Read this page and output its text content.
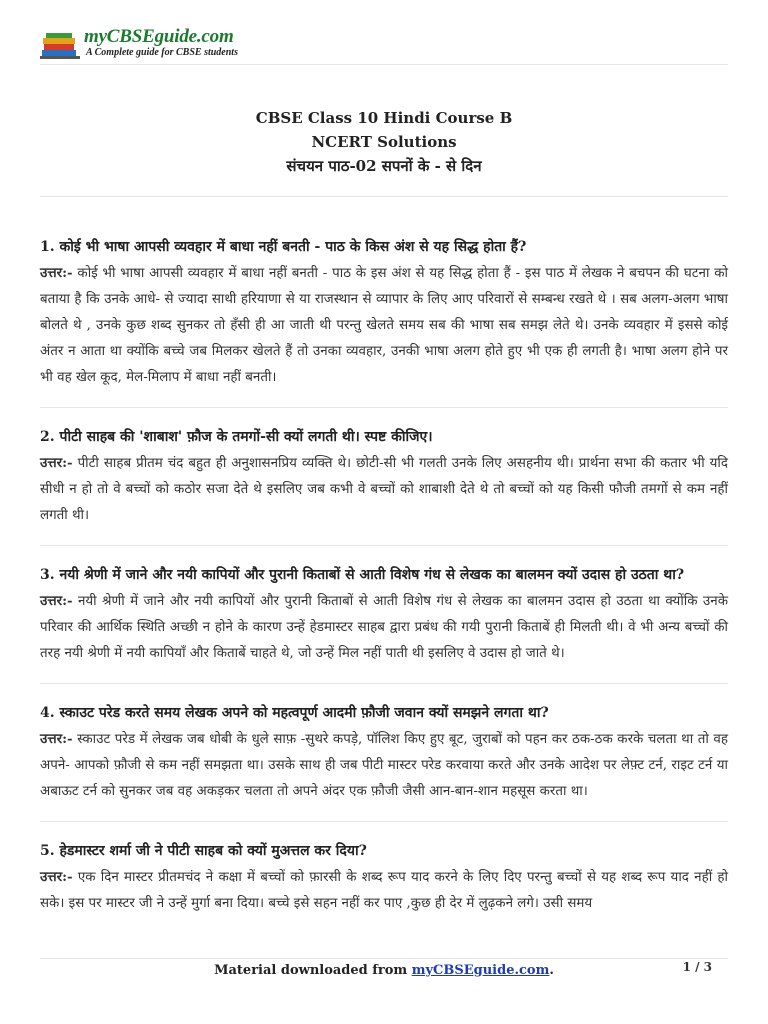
myCBSEguide.com
A Complete guide for CBSE students
CBSE Class 10 Hindi Course B
NCERT Solutions
संचयन पाठ-02 सपनों के - से दिन

1. कोई भी भाषा आपसी व्यवहार में बाधा नहीं बनती - पाठ के किस अंश से यह सिद्ध होता हैं?

उत्तर:- कोई भी भाषा आपसी व्यवहार में बाधा नहीं बनती - पाठ के इस अंश से यह सिद्ध होता हैं - इस पाठ में लेखक ने बचपन की घटना को बताया है कि उनके आधे- से ज्यादा साथी हरियाणा से या राजस्थान से व्यापार के लिए आए परिवारों से सम्बन्ध रखते थे । सब अलग-अलग भाषा बोलते थे , उनके कुछ शब्द सुनकर तो हँसी ही आ जाती थी परन्तु खेलते समय सब की भाषा सब समझ लेते थे। उनके व्यवहार में इससे कोई अंतर न आता था क्योंकि बच्चे जब मिलकर खेलते हैं तो उनका व्यवहार, उनकी भाषा अलग होते हुए भी एक ही लगती है। भाषा अलग होने पर भी वह खेल कूद, मेल-मिलाप में बाधा नहीं बनती।

2. पीटी साहब की 'शाबाश' फ़ौज के तमगों-सी क्यों लगती थी। स्पष्ट कीजिए।

उत्तर:- पीटी साहब प्रीतम चंद बहुत ही अनुशासनप्रिय व्यक्ति थे। छोटी-सी भी गलती उनके लिए असहनीय थी। प्रार्थना सभा की कतार भी यदि सीधी न हो तो वे बच्चों को कठोर सजा देते थे इसलिए जब कभी वे बच्चों को शाबाशी देते थे तो बच्चों को यह किसी फौजी तमगों से कम नहीं लगती थी।

3. नयी श्रेणी में जाने और नयी कापियों और पुरानी किताबों से आती विशेष गंध से लेखक का बालमन क्यों उदास हो उठता था?

उत्तर:- नयी श्रेणी में जाने और नयी कापियों और पुरानी किताबों से आती विशेष गंध से लेखक का बालमन उदास हो उठता था क्योंकि उनके परिवार की आर्थिक स्थिति अच्छी न होने के कारण उन्हें हेडमास्टर साहब द्वारा प्रबंध की गयी पुरानी किताबें ही मिलती थी। वे भी अन्य बच्चों की तरह नयी श्रेणी में नयी कापियाँ और किताबें चाहते थे, जो उन्हें मिल नहीं पाती थी इसलिए वे उदास हो जाते थे।

4. स्काउट परेड करते समय लेखक अपने को महत्वपूर्ण आदमी फ़ौजी जवान क्यों समझने लगता था?

उत्तर:- स्काउट परेड में लेखक जब धोबी के धुले साफ़ -सुथरे कपड़े, पॉलिश किए हुए बूट, जुराबों को पहन कर ठक-ठक करके चलता था तो वह अपने- आपको फ़ौजी से कम नहीं समझता था। उसके साथ ही जब पीटी मास्टर परेड करवाया करते और उनके आदेश पर लेफ़्ट टर्न, राइट टर्न या अबाऊट टर्न को सुनकर जब वह अकड़कर चलता तो अपने अंदर एक फ़ौजी जैसी आन-बान-शान महसूस करता था।

5. हेडमास्टर शर्मा जी ने पीटी साहब को क्यों मुअत्तल कर दिया?

उत्तर:- एक दिन मास्टर प्रीतमचंद ने कक्षा में बच्चों को फ़ारसी के शब्द रूप याद करने के लिए दिए परन्तु बच्चों से यह शब्द रूप याद नहीं हो सके। इस पर मास्टर जी ने उन्हें मुर्गा बना दिया। बच्चे इसे सहन नहीं कर पाए ,कुछ ही देर में लुढ़कने लगे। उसी समय

Material downloaded from myCBSEguide.com.	1 / 3
